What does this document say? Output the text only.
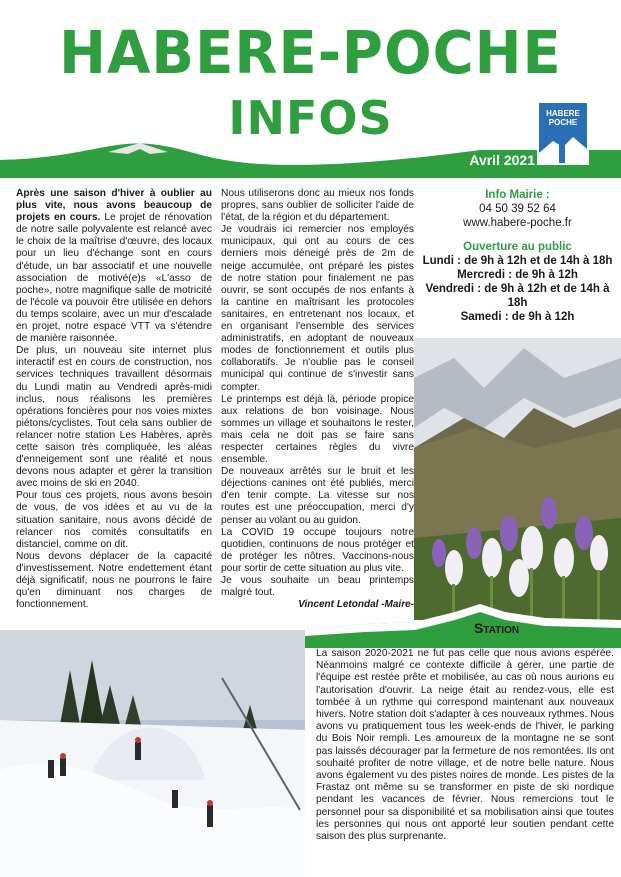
HABERE-POCHE
INFOS
Avril 2021
HABERE
POCHE

Après une saison d'hiver à oublier au plus vite, nous avons beaucoup de projets en cours. Le projet de rénovation de notre salle polyvalente est relancé avec le choix de la maîtrise d'œuvre, des locaux pour un lieu d'échange sont en cours d'étude, un bar associatif et une nouvelle association de motivé(e)s «L'asso de poche», notre magnifique salle de motricité de l'école va pouvoir être utilisée en dehors du temps scolaire, avec un mur d'escalade en projet, notre espace VTT va s'étendre de manière raisonnée.

De plus, un nouveau site internet plus interactif est en cours de construction, nos services techniques travaillent désormais du Lundi matin au Vendredi après-midi inclus, nous réalisons les premières opérations foncières pour nos voies mixtes piétons/cyclistes. Tout cela sans oublier de relancer notre station Les Habères, après cette saison très compliquée, les aléas d'enneigement sont une réalité et nous devons nous adapter et gérer la transition avec moins de ski en 2040.

Pour tous ces projets, nous avons besoin de vous, de vos idées et au vu de la situation sanitaire, nous avons décidé de relancer nos comités consultatifs en distanciel, comme on dit.

Nous devons déplacer de la capacité d'investissement. Notre endettement étant déjà significatif, nous ne pourrons le faire qu'en diminuant nos charges de fonctionnement.

Nous utiliserons donc au mieux nos fonds propres, sans oublier de solliciter l'aide de l'état, de la région et du département.

Je voudrais ici remercier nos employés municipaux, qui ont au cours de ces derniers mois déneigé près de 2m de neige accumulée, ont préparé les pistes de notre station pour finalement ne pas ouvrir, se sont occupés de nos enfants à la cantine en maîtrisant les protocoles sanitaires, en entretenant nos locaux, et en organisant l'ensemble des services administratifs, en adoptant de nouveaux modes de fonctionnement et outils plus collaboratifs. Je n'oublie pas le conseil municipal qui continue de s'investir sans compter.

Le printemps est déjà là, période propice aux relations de bon voisinage. Nous sommes un village et souhaitons le rester, mais cela ne doit pas se faire sans respecter certaines règles du vivre ensemble.

De nouveaux arrêtés sur le bruit et les déjections canines ont été publiés, merci d'en tenir compte. La vitesse sur nos routes est une préoccupation, merci d'y penser au volant ou au guidon.

La COVID 19 occupe toujours notre quotidien, continuons de nous protéger et de protéger les nôtres. Vaccinons-nous pour sortir de cette situation au plus vite.

Je vous souhaite un beau printemps malgré tout.

Vincent Letondal -Maire-

Info Mairie :
04 50 39 52 64
www.habere-poche.fr
Ouverture au public
Lundi : de 9h à 12h et de 14h à 18h
Mercredi : de 9h à 12h
Vendredi : de 9h à 12h et de 14h à 18h
Samedi : de 9h à 12h
Station
La saison 2020-2021 ne fut pas celle que nous avions espérée. Néanmoins malgré ce contexte difficile à gérer, une partie de l'équipe est restée prête et mobilisée, au cas où nous aurions eu l'autorisation d'ouvrir. La neige était au rendez-vous, elle est tombée à un rythme qui correspond maintenant aux nouveaux hivers. Notre station doit s'adapter à ces nouveaux rythmes. Nous avons vu pratiquement tous les week-ends de l'hiver, le parking du Bois Noir rempli. Les amoureux de la montagne ne se sont pas laissés décourager par la fermeture de nos remontées. Ils ont souhaité profiter de notre village, et de notre belle nature. Nous avons également vu des pistes noires de monde. Les pistes de la Frastaz ont même su se transformer en piste de ski nordique pendant les vacances de février. Nous remercions tout le personnel pour sa disponibilité et sa mobilisation ainsi que toutes les personnes qui nous ont apporté leur soutien pendant cette saison des plus surprenante.
